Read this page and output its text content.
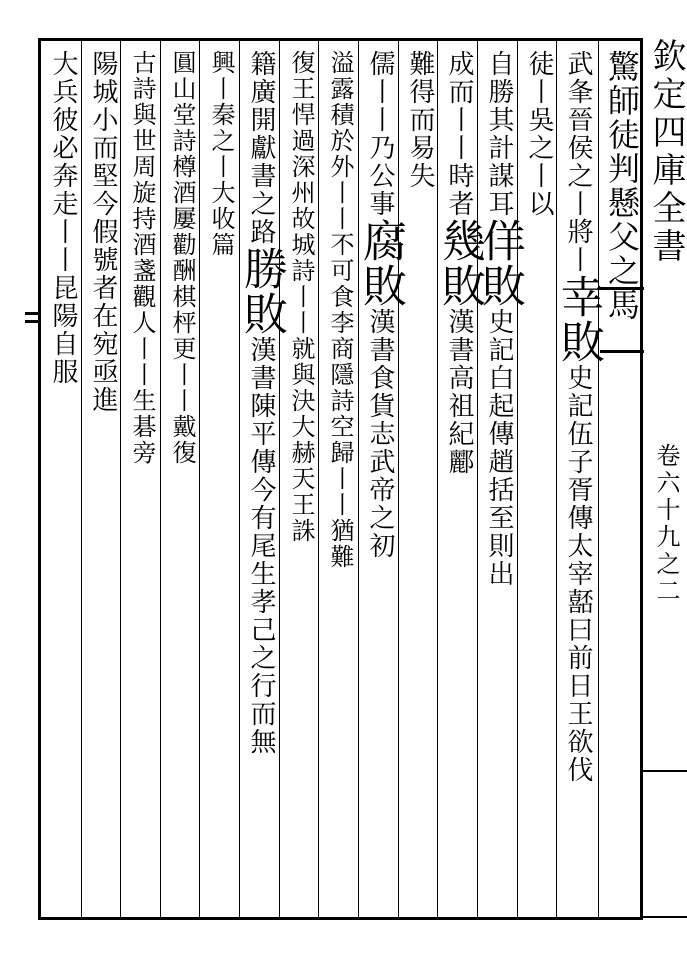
欽定四庫全書
卷六十九之二
驚師徒判懸父之馬
武夆晉侯之丨將丨幸敗史記伍子胥傳太宰嚭曰前日王欲伐
徒丨吳之丨以
自勝其計謀耳佯敗史記白起傳趙括至則出
成而丨丨時者幾敗漢書高祖紀酈
難得而易失
儒丨丨乃公事腐敗漢書食貨志武帝之初
溢露積於外丨丨不可食李商隱詩空歸丨丨猶難
復王悍過深州故城詩丨丨就與決大赫天王誅
籍廣開獻書之路勝敗漢書陳平傳今有尾生孝己之行而無
興丨秦之丨大收篇
圓山堂詩樽酒屢勸酬棋枰更丨丨戴復
古詩與世周旋持酒盞觀人丨丨生碁旁
陽城小而堅今假號者在宛亟進
大兵彼必奔走丨丨昆陽自服
